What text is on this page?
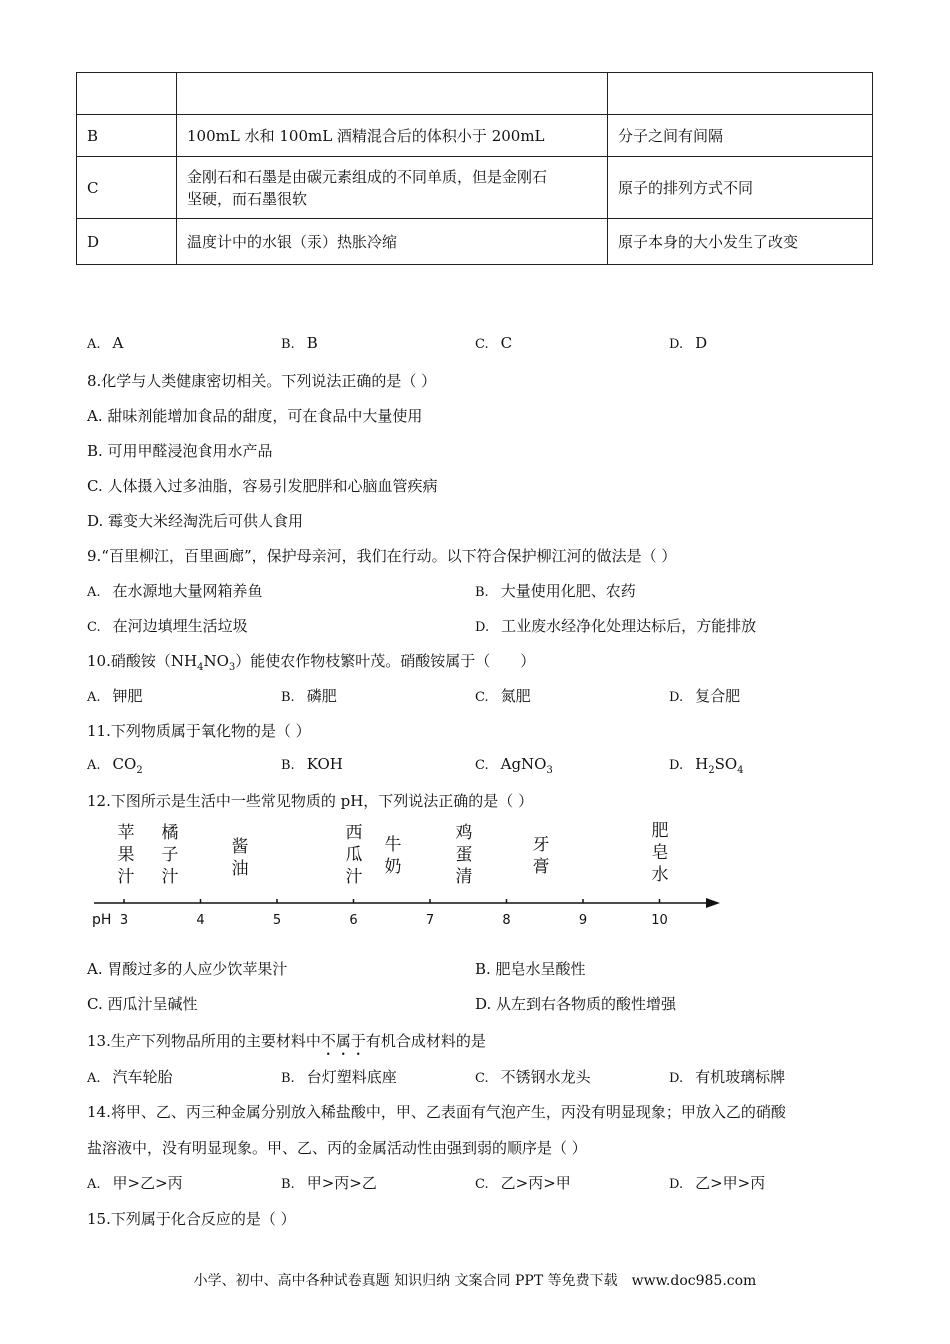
B	100mL 水和 100mL 酒精混合后的体积小于 200mL	分子之间有间隔
C	金刚石和石墨是由碳元素组成的不同单质，但是金刚石
坚硬，而石墨很软	原子的排列方式不同
D	温度计中的水银（汞）热胀冷缩	原子本身的大小发生了改变
A. A	B. B	C. C	D. D
8.化学与人类健康密切相关。下列说法正确的是（ ）
A. 甜味剂能增加食品的甜度，可在食品中大量使用
B. 可用甲醛浸泡食用水产品
C. 人体摄入过多油脂，容易引发肥胖和心脑血管疾病
D. 霉变大米经淘洗后可供人食用
9.“百里柳江，百里画廊”，保护母亲河，我们在行动。以下符合保护柳江河的做法是（ ）
A. 在水源地大量网箱养鱼	B. 大量使用化肥、农药
C. 在河边填埋生活垃圾	D. 工业废水经净化处理达标后，方能排放
10.硝酸铵$(NH_4NO_3)$能使农作物枝繁叶茂。硝酸铵属于（　　）
A. 钾肥	B. 磷肥	C. 氮肥	D. 复合肥
11.下列物质属于氧化物的是（ ）
A. $CO_2$	B. KOH	C. AgNO$_3$	D. $H_2SO_4$
12.下图所示是生活中一些常见物质的 pH，下列说法正确的是（ ）
pH 3	4	5	6	7	8	9	10
苹
果
汁
橘
子
汁
酱
油
西
瓜
汁
牛
奶
鸡
蛋
清
牙
膏
肥
皂
水
A. 胃酸过多的人应少饮苹果汁	B. 肥皂水呈酸性
C. 西瓜汁呈碱性	D. 从左到右各物质的酸性增强
13.生产下列物品所用的主要材料中不属于有机合成材料的是
A. 汽车轮胎	B. 台灯塑料底座	C. 不锈钢水龙头	D. 有机玻璃标牌
14.将甲、乙、丙三种金属分别放入稀盐酸中，甲、乙表面有气泡产生，丙没有明显现象；甲放入乙的硝酸
盐溶液中，没有明显现象。甲、乙、丙的金属活动性由强到弱的顺序是（ ）
A. 甲>乙>丙	B. 甲>丙>乙	C. 乙>丙>甲	D. 乙>甲>丙
15.下列属于化合反应的是（ ）
小学、初中、高中各种试卷真题 知识归纳 文案合同 PPT 等免费下载　www.doc985.com
